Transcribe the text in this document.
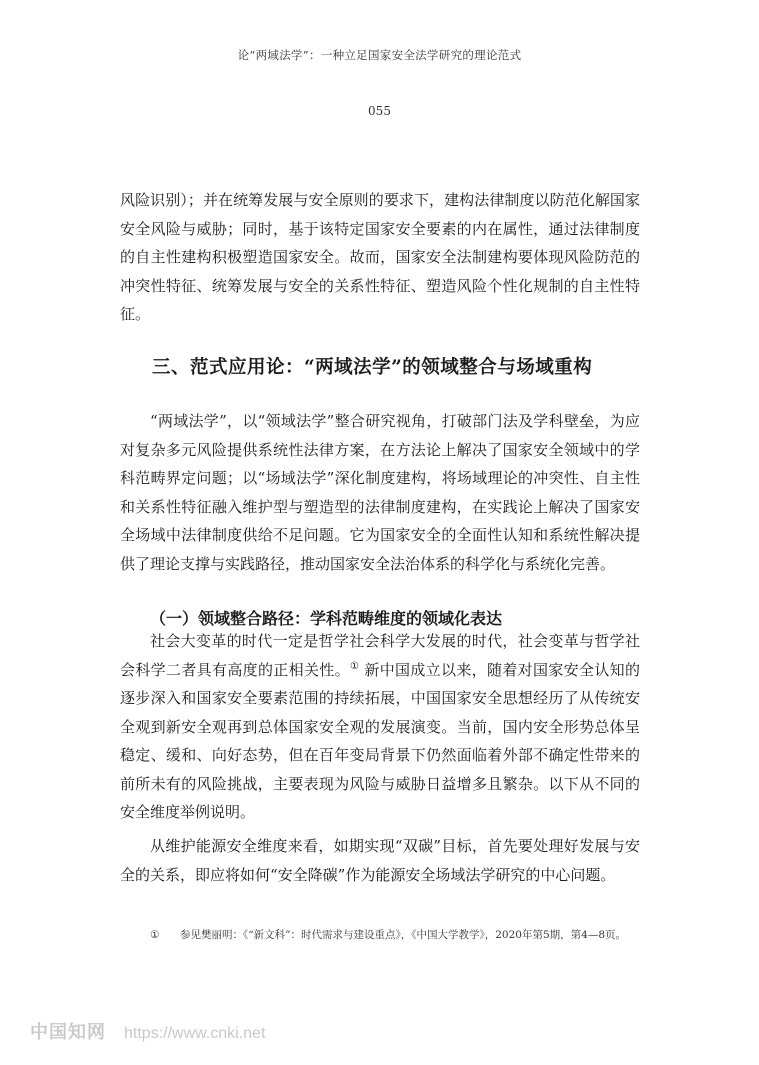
论“两域法学”：一种立足国家安全法学研究的理论范式
055

风险识别）；并在统筹发展与安全原则的要求下，建构法律制度以防范化解国家安全风险与威胁；同时，基于该特定国家安全要素的内在属性，通过法律制度的自主性建构积极塑造国家安全。故而，国家安全法制建构要体现风险防范的冲突性特征、统筹发展与安全的关系性特征、塑造风险个性化规制的自主性特征。

三、范式应用论：“两域法学”的领域整合与场域重构

“两域法学”，以“领域法学”整合研究视角，打破部门法及学科壁垒，为应对复杂多元风险提供系统性法律方案，在方法论上解决了国家安全领域中的学科范畴界定问题；以“场域法学”深化制度建构，将场域理论的冲突性、自主性和关系性特征融入维护型与塑造型的法律制度建构，在实践论上解决了国家安全场域中法律制度供给不足问题。它为国家安全的全面性认知和系统性解决提供了理论支撑与实践路径，推动国家安全法治体系的科学化与系统化完善。

（一）领域整合路径：学科范畴维度的领域化表达

社会大变革的时代一定是哲学社会科学大发展的时代，社会变革与哲学社会科学二者具有高度的正相关性。① 新中国成立以来，随着对国家安全认知的逐步深入和国家安全要素范围的持续拓展，中国国家安全思想经历了从传统安全观到新安全观再到总体国家安全观的发展演变。当前，国内安全形势总体呈稳定、缓和、向好态势，但在百年变局背景下仍然面临着外部不确定性带来的前所未有的风险挑战，主要表现为风险与威胁日益增多且繁杂。以下从不同的安全维度举例说明。

从维护能源安全维度来看，如期实现“双碳”目标，首先要处理好发展与安全的关系，即应将如何“安全降碳”作为能源安全场域法学研究的中心问题。

① 参见樊丽明：《“新文科”：时代需求与建设重点》，《中国大学教学》，2020年第5期，第4—8页。

中国知网 https://www.cnki.net
